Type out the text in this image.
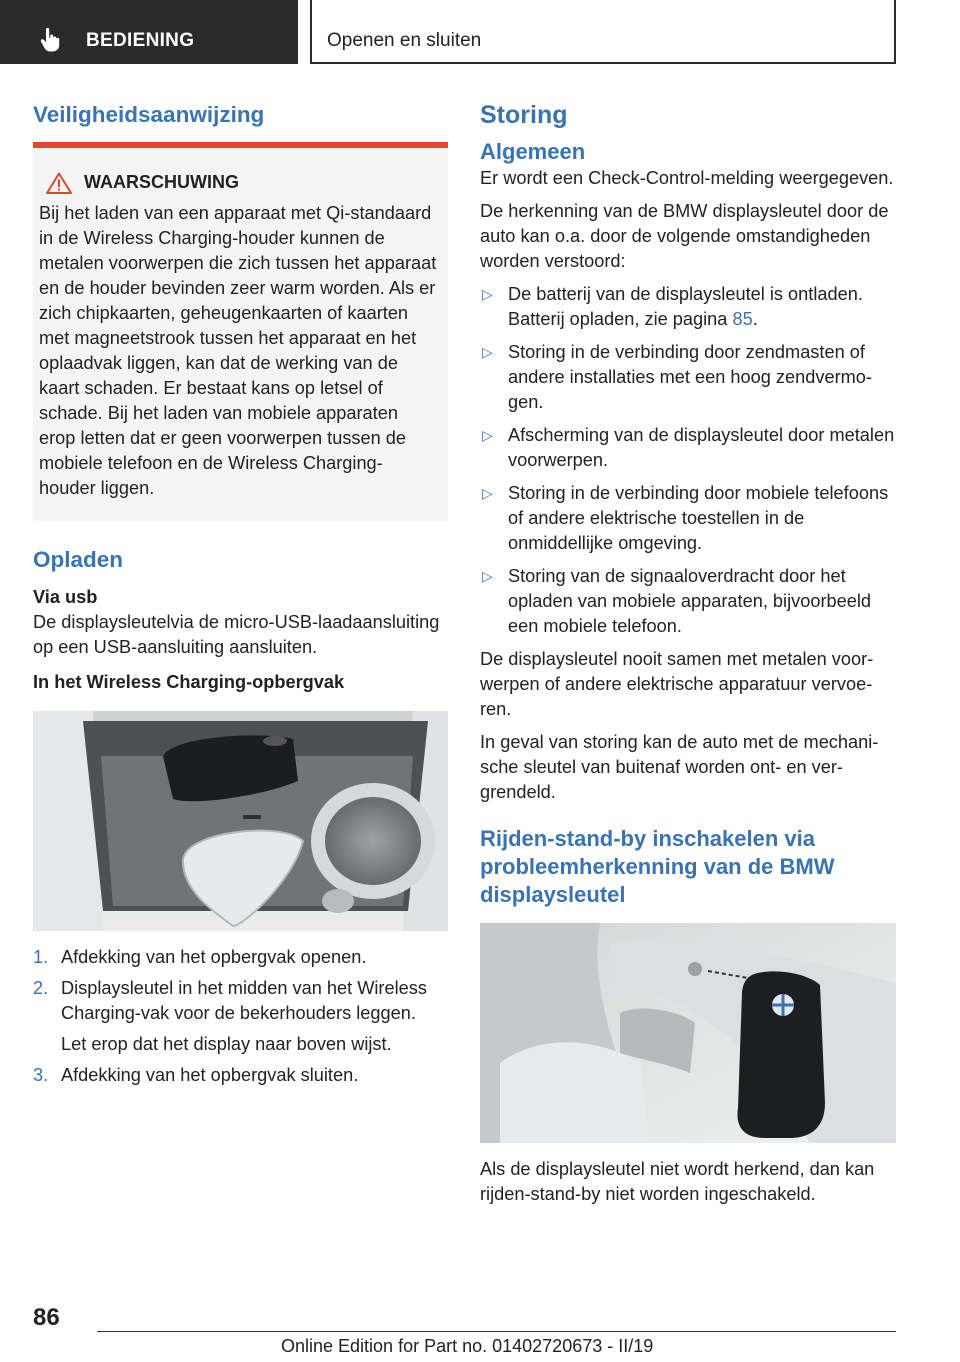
BEDIENING	Openen en sluiten
Veiligheidsaanwijzing
WAARSCHUWING

Bij het laden van een apparaat met Qi-standaard in de Wireless Charging-houder kunnen de metalen voorwerpen die zich tussen het apparaat en de houder bevinden zeer warm worden. Als er zich chipkaarten, geheugenkaarten of kaarten met magneetstrook tussen het apparaat en het oplaadvak liggen, kan dat de werking van de kaart schaden. Er bestaat kans op letsel of schade. Bij het laden van mobiele apparaten erop letten dat er geen voorwerpen tussen de mobiele telefoon en de Wireless Charging-houder liggen.

Opladen
Via usb

De displaysleutelvia de micro-USB-laadaansluiting op een USB-aansluiting aansluiten.

In het Wireless Charging-opbergvak
1. Afdekking van het opbergvak openen.
2. Displaysleutel in het midden van het Wireless Charging-vak voor de bekerhouders leggen.

Let erop dat het display naar boven wijst.

3. Afdekking van het opbergvak sluiten.
Storing
Algemeen

Er wordt een Check-Control-melding weergegeven.

De herkenning van de BMW displaysleutel door de auto kan o.a. door de volgende omstandigheden worden verstoord:

▷ De batterij van de displaysleutel is ontladen. Batterij opladen, zie pagina 85.
▷ Storing in de verbinding door zendmasten of andere installaties met een hoog zendvermogen.
▷ Afscherming van de displaysleutel door metalen voorwerpen.
▷ Storing in de verbinding door mobiele telefoons of andere elektrische toestellen in de onmiddellijke omgeving.
▷ Storing van de signaaloverdracht door het opladen van mobiele apparaten, bijvoorbeeld een mobiele telefoon.

De displaysleutel nooit samen met metalen voorwerpen of andere elektrische apparatuur vervoeren.

In geval van storing kan de auto met de mechanische sleutel van buitenaf worden ont- en vergrendeld.

Rijden-stand-by inschakelen via probleemherkenning van de BMW displaysleutel

Als de displaysleutel niet wordt herkend, dan kan rijden-stand-by niet worden ingeschakeld.

86
Online Edition for Part no. 01402720673 - II/19
